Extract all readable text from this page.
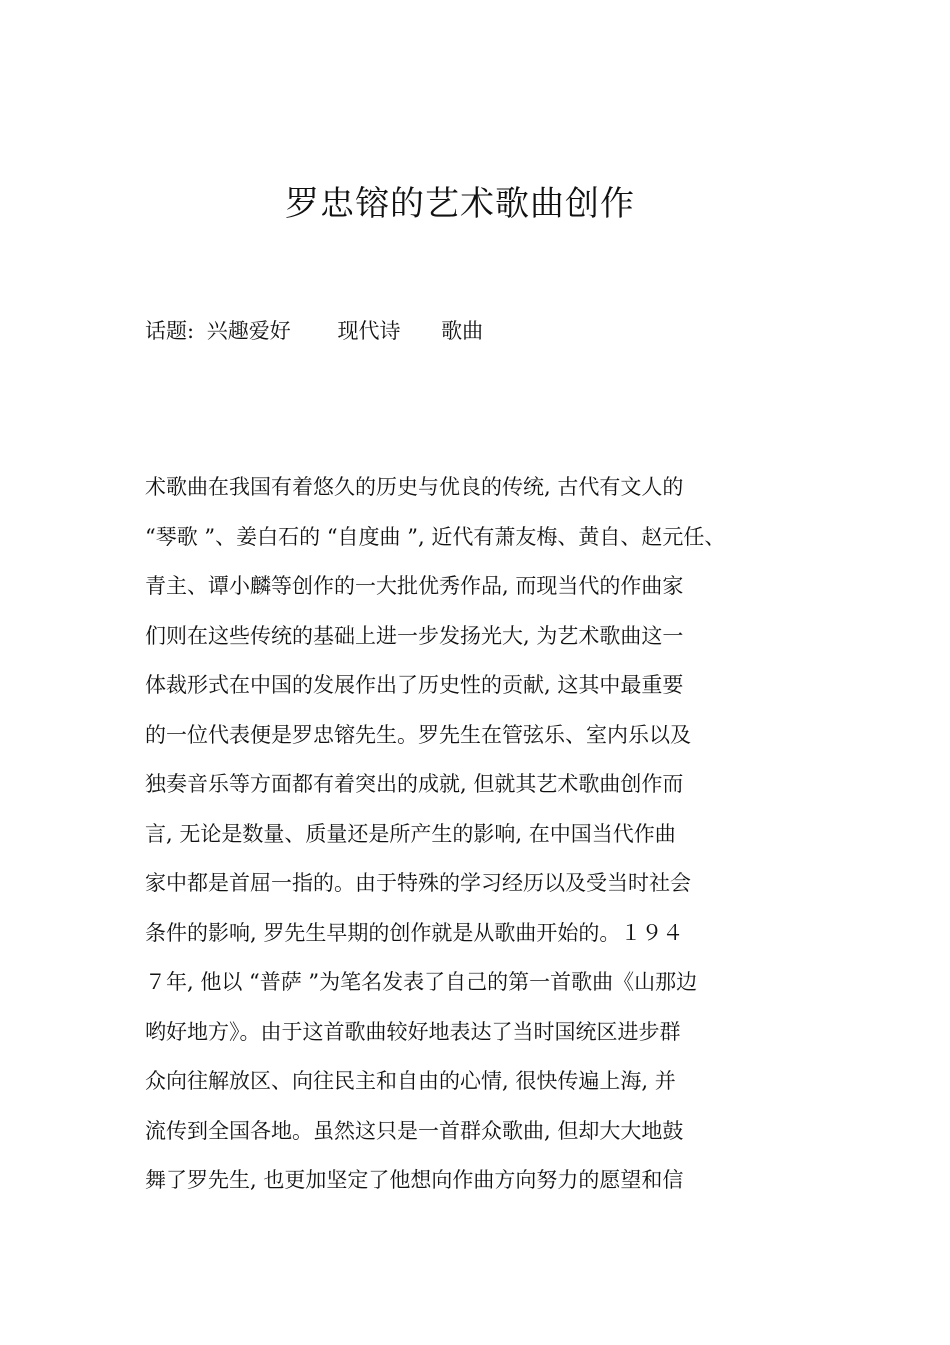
罗忠镕的艺术歌曲创作
话题: 兴趣爱好 现代诗 歌曲
术歌曲在我国有着悠久的历史与优良的传统, 古代有文人的
“琴歌 ”、姜白石的 “自度曲 ”, 近代有萧友梅、黄自、赵元任、
青主、谭小麟等创作的一大批优秀作品, 而现当代的作曲家
们则在这些传统的基础上进一步发扬光大, 为艺术歌曲这一
体裁形式在中国的发展作出了历史性的贡献, 这其中最重要
的一位代表便是罗忠镕先生。罗先生在管弦乐、室内乐以及
独奏音乐等方面都有着突出的成就, 但就其艺术歌曲创作而
言, 无论是数量、质量还是所产生的影响, 在中国当代作曲
家中都是首屈一指的。由于特殊的学习经历以及受当时社会
条件的影响, 罗先生早期的创作就是从歌曲开始的。１９４
７年, 他以 “普萨 ”为笔名发表了自己的第一首歌曲《山那边
哟好地方》。由于这首歌曲较好地表达了当时国统区进步群
众向往解放区、向往民主和自由的心情, 很快传遍上海, 并
流传到全国各地。虽然这只是一首群众歌曲, 但却大大地鼓
舞了罗先生, 也更加坚定了他想向作曲方向努力的愿望和信
